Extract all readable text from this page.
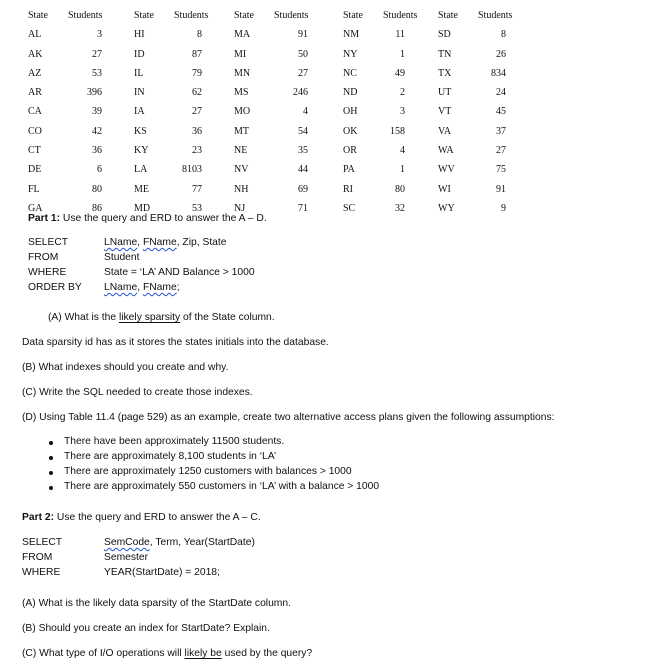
State Students	State Students	State Students	State Students State Students
AL	3	HI	8	MA	91	NM	11	SD	8
AK	27	ID	87	MI	50	NY	1	TN	26
AZ	53	IL	79	MN	27	NC	49	TX	834
AR	396	IN	62	MS	246	ND	2	UT	24
CA	39	IA	27	MO	4	OH	3	VT	45
CO	42	KS	36	MT	54	OK	158	VA	37
CT	36	KY	23	NE	35	OR	4	WA	27
DE	6	LA	8103	NV	44	PA	1	WV	75
FL	80	ME	77	NH	69	RI	80	WI	91
GA	86	MD	53	NJ	71	SC	32	WY	9
Part 1: Use the query and ERD to answer the A – D.
SELECT	LName, FName, Zip, State
FROM	Student
WHERE	State = ‘LA’ AND Balance > 1000
ORDER BY LName, FName;
(A) What is the likely sparsity of the State column.
Data sparsity id has as it stores the states initials into the database.
(B) What indexes should you create and why.
(C) Write the SQL needed to create those indexes.
(D) Using Table 11.4 (page 529) as an example, create two alternative access plans given the following assumptions:
There have been approximately 11500 students.
There are approximately 8,100 students in ‘LA’
There are approximately 1250 customers with balances > 1000
There are approximately 550 customers in ‘LA’ with a balance > 1000
Part 2: Use the query and ERD to answer the A – C.
SELECT	SemCode, Term, Year(StartDate)
FROM	Semester
WHERE	YEAR(StartDate) = 2018;
(A) What is the likely data sparsity of the StartDate column.
(B) Should you create an index for StartDate? Explain.
(C) What type of I/O operations will likely be used by the query?
